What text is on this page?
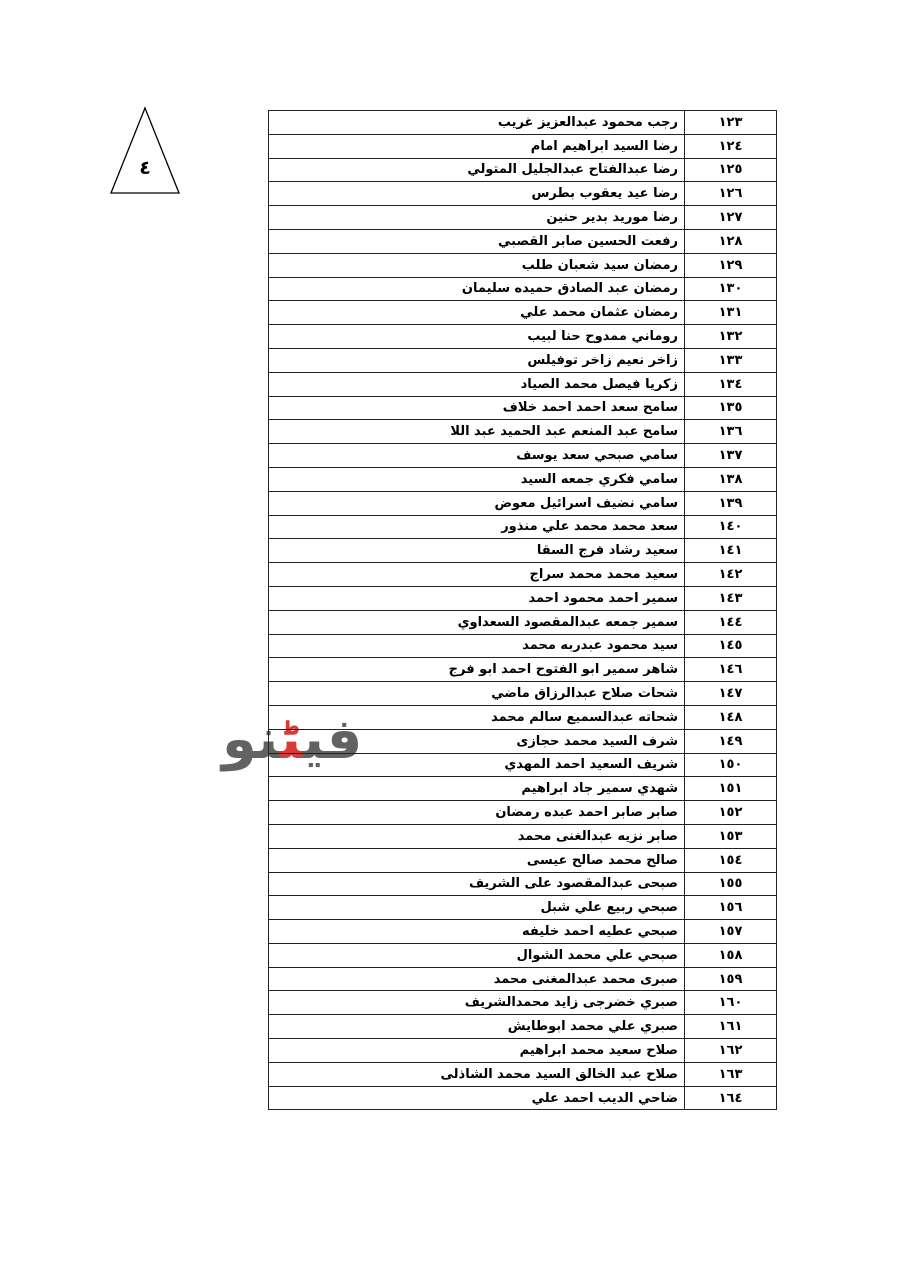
٤
فيٹنو
١٢٣	رجب محمود عبدالعزيز غريب
١٢٤	رضا السيد ابراهيم امام
١٢٥	رضا عبدالفتاح عبدالجليل المتولي
١٢٦	رضا عيد يعقوب بطرس
١٢٧	رضا موريد بدير حنين
١٢٨	رفعت الحسين صابر القصبي
١٢٩	رمضان سيد شعبان طلب
١٣٠	رمضان عبد الصادق حميده سليمان
١٣١	رمضان عثمان محمد علي
١٣٢	روماني ممدوح حنا لبيب
١٣٣	زاخر نعيم زاخر توفيلس
١٣٤	زكريا فيصل محمد الصياد
١٣٥	سامح سعد احمد احمد خلاف
١٣٦	سامح عبد المنعم عبد الحميد عبد اللا
١٣٧	سامي صبحي سعد يوسف
١٣٨	سامي فكري جمعه السيد
١٣٩	سامي نضيف اسرائيل معوض
١٤٠	سعد محمد محمد علي منذور
١٤١	سعيد رشاد فرج السقا
١٤٢	سعيد محمد محمد سراج
١٤٣	سمير احمد محمود احمد
١٤٤	سمير جمعه عبدالمقصود السعداوي
١٤٥	سيد محمود عبدربه محمد
١٤٦	شاهر سمير ابو الفتوح احمد ابو فرج
١٤٧	شحات صلاح عبدالرزاق ماضي
١٤٨	شحاته عبدالسميع سالم محمد
١٤٩	شرف السيد محمد حجازى
١٥٠	شريف السعيد احمد المهدي
١٥١	شهدي سمير جاد ابراهيم
١٥٢	صابر صابر احمد عبده رمضان
١٥٣	صابر نزيه عبدالغنى محمد
١٥٤	صالح محمد صالح عيسى
١٥٥	صبحى عبدالمقصود على الشريف
١٥٦	صبحي ربيع علي شبل
١٥٧	صبحي عطيه احمد خليفه
١٥٨	صبحي علي محمد الشوال
١٥٩	صبرى محمد عبدالمغنى محمد
١٦٠	صبري خضرجى زايد محمدالشريف
١٦١	صبري علي محمد ابوطايش
١٦٢	صلاح سعيد محمد ابراهيم
١٦٣	صلاح عبد الخالق السيد محمد الشاذلى
١٦٤	ضاحي الديب احمد علي
